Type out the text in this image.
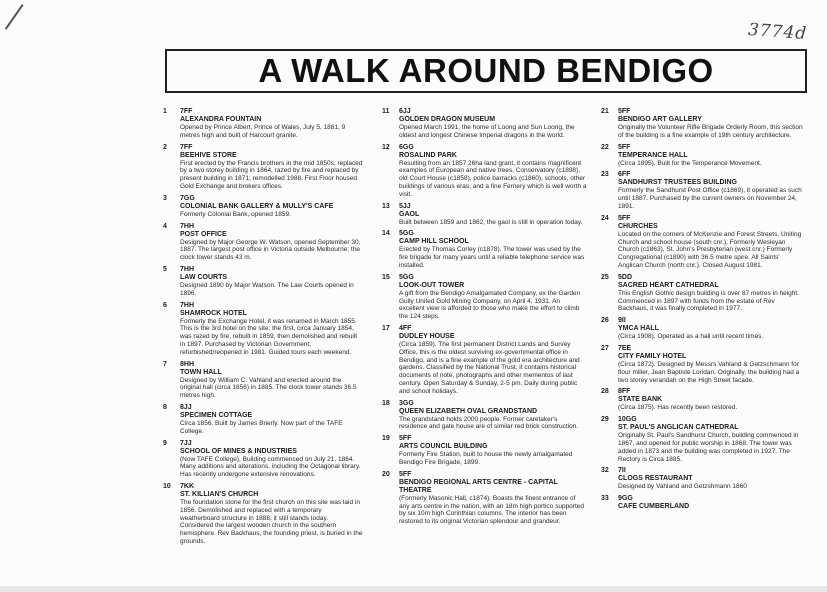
3774d
A WALK AROUND BENDIGO
1 7FF
ALEXANDRA FOUNTAIN
Opened by Prince Albert, Prince of Wales, July 5, 1881, 9 metres high and built of Harcourt granite.
2 7FF
BEEHIVE STORE
First erected by the Francis brothers in the mid 1850s, replaced by a two storey building in 1864, razed by fire and replaced by present building in 1871; remodelled 1988. First Floor housed Gold Exchange and brokers offices.
3 7GG
COLONIAL BANK GALLERY & MULLY'S CAFE
Formerly Colonial Bank, opened 1859.
4 7HH
POST OFFICE
Designed by Major George W. Watson, opened September 30, 1887. The largest post office in Victoria outside Melbourne; the clock tower stands 43 m.
5 7HH
LAW COURTS
Designed 1890 by Major Watson. The Law Courts opened in 1896.
6 7HH
SHAMROCK HOTEL
Formerly the Exchange Hotel, it was renamed in March 1855. This is the 3rd hotel on the site; the first, circa January 1854, was razed by fire, rebuilt in 1859, then demolished and rebuilt in 1897. Purchased by Victorian Government, refurbished/reopened in 1981. Guided tours each weekend.
7 8HH
TOWN HALL
Designed by William C. Vahland and erected around the original hall (circa 1856) in 1885. The clock tower stands 36.5 metres high.
8 8JJ
SPECIMEN COTTAGE
Circa 1856. Built by James Brierly. Now part of the TAFE College.
9 7JJ
SCHOOL OF MINES & INDUSTRIES
(Now TAFE College), Building commenced on July 21, 1864. Many additions and alterations, including the Octagonal library. Has recently undergone extensive renovations.
10 7KK
ST. KILLIAN'S CHURCH
The foundation stone for the first church on this site was laid in 1856. Demolished and replaced with a temporary weatherboard structure in 1888, it still stands today. Considered the largest wooden church in the southern hemisphere. Rev Backhaus, the founding priest, is buried in the grounds.
11 6JJ
GOLDEN DRAGON MUSEUM
Opened March 1991, the home of Loong and Sun Loong, the oldest and longest Chinese Imperial dragons in the world.
12 6GG
ROSALIND PARK
Resulting from an 1857 26ha land grant, it contains magnificent examples of European and native trees, Conservatory (c1898), old Court House (c1858), police barracks (c1860), schools, other buildings of various eras, and a fine Fernery which is well worth a visit.
13 5JJ
GAOL
Built between 1859 and 1862, the gaol is still in operation today.
14 5GG
CAMP HILL SCHOOL
Erected by Thomas Corley (c1878). The tower was used by the fire brigade for many years until a reliable telephone service was installed.
15 5GG
LOOK-OUT TOWER
A gift from the Bendigo Amalgamated Company, ex the Garden Gully United Gold Mining Company, on April 4, 1931. An excellent view is afforded to those who make the effort to climb the 124 steps.
17 4FF
DUDLEY HOUSE
(Circa 1859). The first permanent District Lands and Survey Office, this is the oldest surviving ex-governmental office in Bendigo, and is a fine example of the gold era architecture and gardens. Classified by the National Trust, it contains historical documents of note, photographs and other mementos of last century. Open Saturday & Sunday, 2-5 pm. Daily during public and school holidays.
18 3GG
QUEEN ELIZABETH OVAL GRANDSTAND
The grandstand holds 2000 people. Former caretaker's residence and gate house are of similar red brick construction.
19 5FF
ARTS COUNCIL BUILDING
Formerly Fire Station, built to house the newly amalgamated Bendigo Fire Brigade, 1899.
20 5FF
BENDIGO REGIONAL ARTS CENTRE - CAPITAL THEATRE
(Formerly Masonic Hall, c1874). Boasts the finest entrance of any arts centre in the nation, with an 18m high portico supported by six 10m high Corinthian columns. The interior has been restored to its original Victorian splendour and grandeur.
21 5FF
BENDIGO ART GALLERY
Originally the Volunteer Rifle Brigade Orderly Room, this section of the building is a fine example of 19th century architecture.
22 5FF
TEMPERANCE HALL
(Circa 1895). Built for the Temperance Movement.
23 6FF
SANDHURST TRUSTEES BUILDING
Formerly the Sandhurst Post Office (c1869), it operated as such until 1887. Purchased by the current owners on November 24, 1891.
24 5FF
CHURCHES
Located on the corners of McKenzie and Forest Streets. Uniting Church and school house (south cnr.), Formerly Wesleyan Church (c1863), St. John's Presbyterian (west cnr.) Formerly Congregational (c1890) with 36.5 metre spire. All Saints' Anglican Church (north cnr.). Closed August 1981.
25 5DD
SACRED HEART CATHEDRAL
This English Gothic design building is over 87 metres in height. Commenced in 1897 with funds from the estate of Rev Backhaus, it was finally completed in 1977.
26 9II
YMCA HALL
(Circa 1908). Operated as a hall until recent times.
27 7EE
CITY FAMILY HOTEL
(Circa 1872). Designed by Messrs Vahland & Getzschmann for flour miller, Jean Baptiste Loridan. Originally, the building had a two storey verandah on the High Street facade.
28 8FF
STATE BANK
(Circa 1875). Has recently been restored.
29 10GG
ST. PAUL'S ANGLICAN CATHEDRAL
Originally St. Paul's Sandhurst Church, building commenced in 1867, and opened for public worship in 1868. The tower was added in 1873 and the building was completed in 1927. The Rectory is Circa 1885.
32 7II
CLOGS RESTAURANT
Designed by Vahland and Getzshmann 1860
33 9GG
CAFE CUMBERLAND
